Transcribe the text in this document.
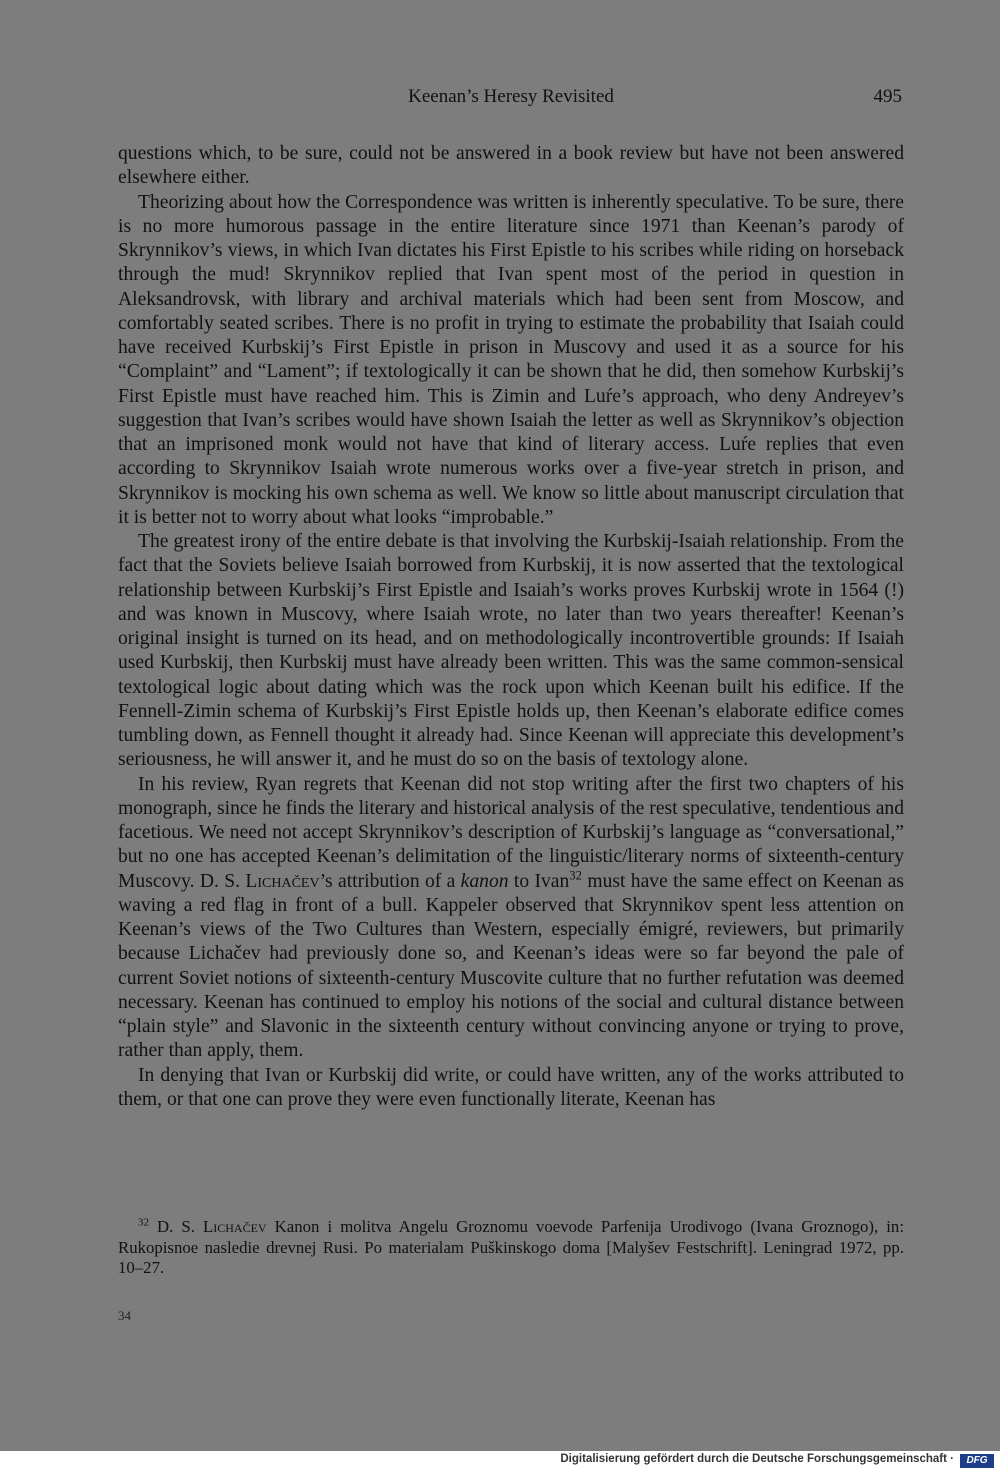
Keenan’s Heresy Revisited	495

questions which, to be sure, could not be answered in a book review but have not been answered elsewhere either.

Theorizing about how the Correspondence was written is inherently speculative. To be sure, there is no more humorous passage in the entire literature since 1971 than Keenan’s parody of Skrynnikov’s views, in which Ivan dictates his First Epistle to his scribes while riding on horseback through the mud! Skrynnikov replied that Ivan spent most of the period in question in Aleksandrovsk, with library and archival materials which had been sent from Moscow, and comfortably seated scribes. There is no profit in trying to estimate the probability that Isaiah could have received Kurbskij’s First Epistle in prison in Muscovy and used it as a source for his “Complaint” and “Lament”; if textologically it can be shown that he did, then somehow Kurbskij’s First Epistle must have reached him. This is Zimin and Luŕe’s approach, who deny Andreyev’s suggestion that Ivan’s scribes would have shown Isaiah the letter as well as Skrynnikov’s objection that an imprisoned monk would not have that kind of literary access. Luŕe replies that even according to Skrynnikov Isaiah wrote numerous works over a five-year stretch in prison, and Skrynnikov is mocking his own schema as well. We know so little about manuscript circulation that it is better not to worry about what looks “improbable.”

The greatest irony of the entire debate is that involving the Kurbskij-Isaiah relationship. From the fact that the Soviets believe Isaiah borrowed from Kurbskij, it is now asserted that the textological relationship between Kurbskij’s First Epistle and Isaiah’s works proves Kurbskij wrote in 1564 (!) and was known in Muscovy, where Isaiah wrote, no later than two years thereafter! Keenan’s original insight is turned on its head, and on methodologically incontrovertible grounds: If Isaiah used Kurbskij, then Kurbskij must have already been written. This was the same common-sensical textological logic about dating which was the rock upon which Keenan built his edifice. If the Fennell-Zimin schema of Kurbskij’s First Epistle holds up, then Keenan’s elaborate edifice comes tumbling down, as Fennell thought it already had. Since Keenan will appreciate this development’s seriousness, he will answer it, and he must do so on the basis of textology alone.

In his review, Ryan regrets that Keenan did not stop writing after the first two chapters of his monograph, since he finds the literary and historical analysis of the rest speculative, tendentious and facetious. We need not accept Skrynnikov’s description of Kurbskij’s language as “conversational,” but no one has accepted Keenan’s delimitation of the linguistic/literary norms of sixteenth-century Muscovy. D. S. Lichačev’s attribution of a kanon to Ivan$^{32}$ must have the same effect on Keenan as waving a red flag in front of a bull. Kappeler observed that Skrynnikov spent less attention on Keenan’s views of the Two Cultures than Western, especially émigré, reviewers, but primarily because Lichačev had previously done so, and Keenan’s ideas were so far beyond the pale of current Soviet notions of sixteenth-century Muscovite culture that no further refutation was deemed necessary. Keenan has continued to employ his notions of the social and cultural distance between “plain style” and Slavonic in the sixteenth century without convincing anyone or trying to prove, rather than apply, them.

In denying that Ivan or Kurbskij did write, or could have written, any of the works attributed to them, or that one can prove they were even functionally literate, Keenan has

$^{32}$ D. S. Lichačev Kanon i molitva Angelu Groznomu voevode Parfenija Urodivogo (Ivana Groznogo), in: Rukopisnoe nasledie drevnej Rusi. Po materialam Puškinskogo doma [Malyšev Festschrift]. Leningrad 1972, pp. 10–27.

34
Digitalisierung gefördert durch die Deutsche Forschungsgemeinschaft ·	DFG
